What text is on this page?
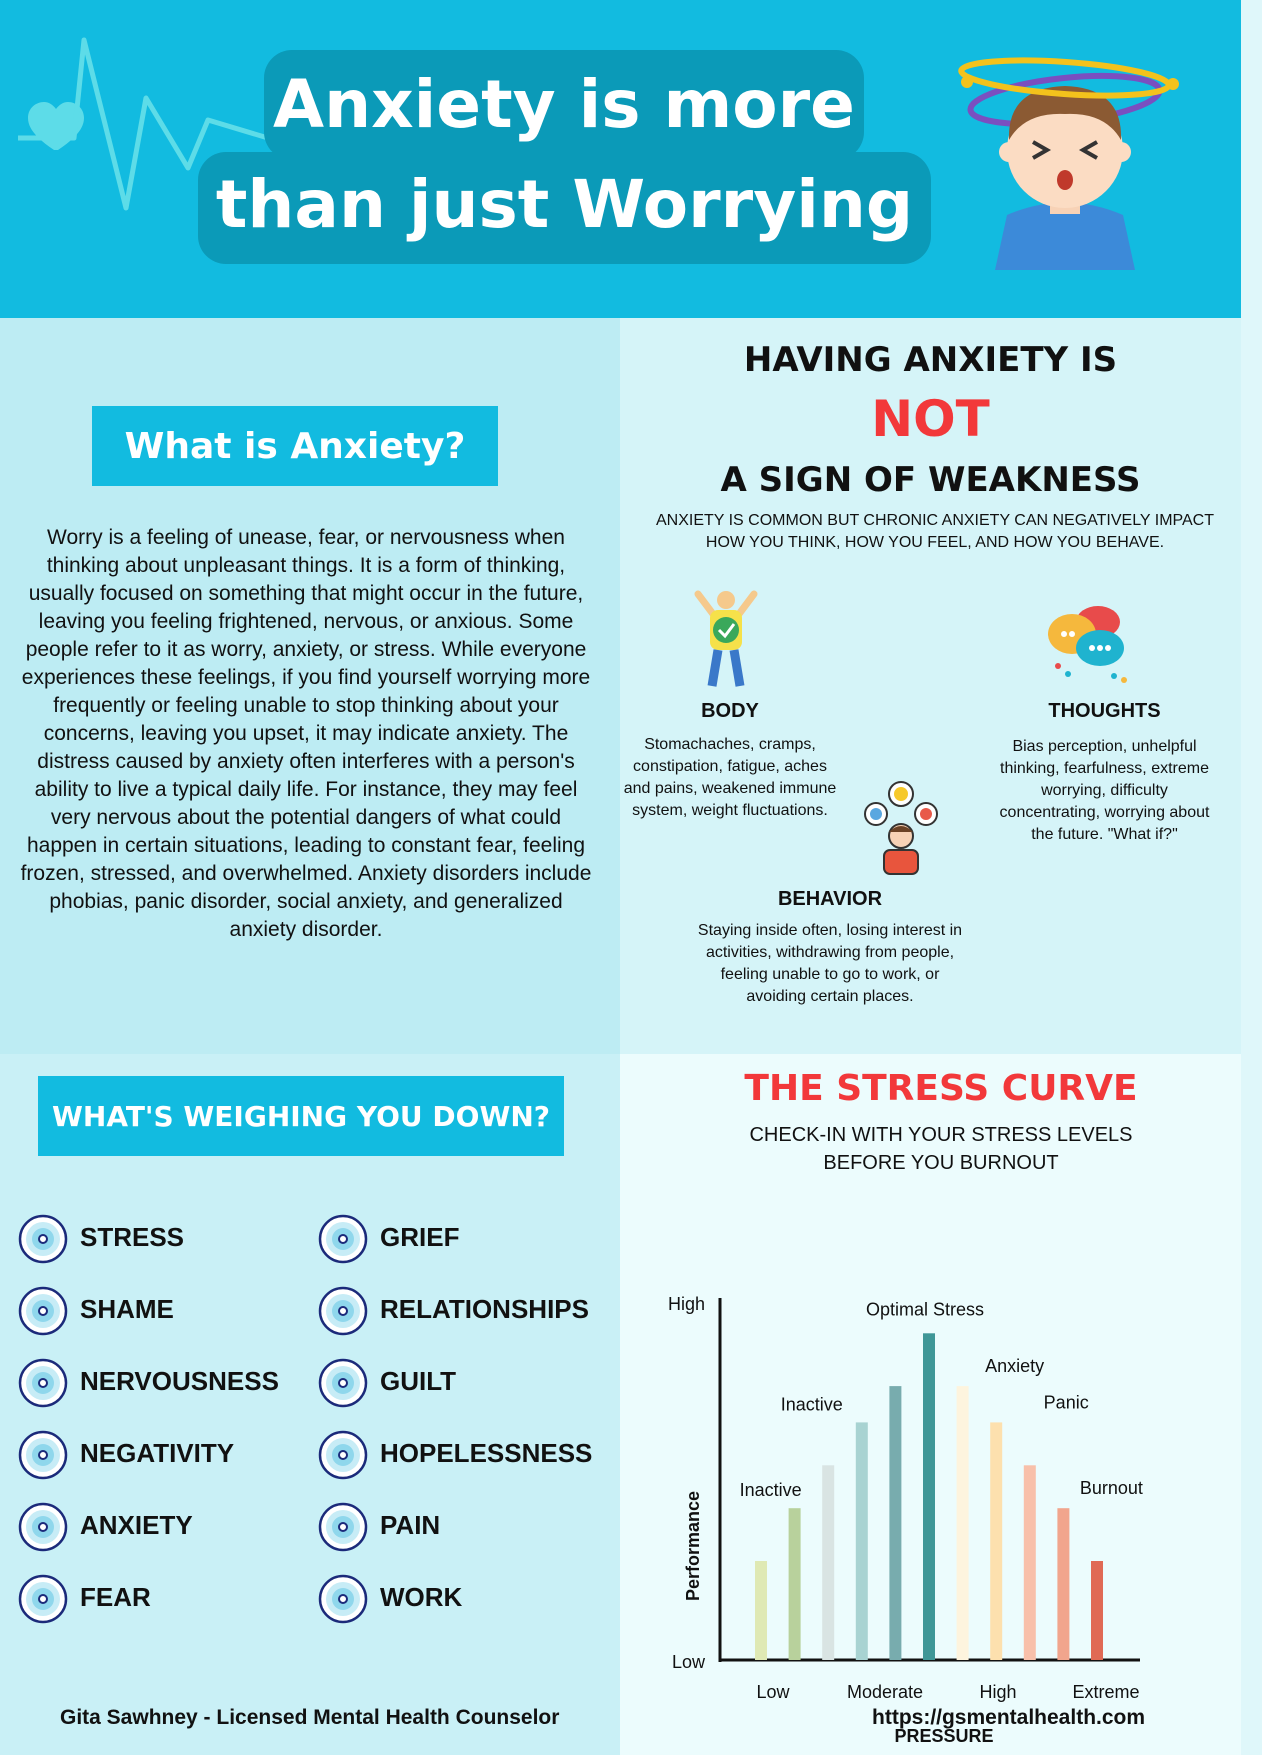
Anxiety is more
than just Worrying
What is Anxiety?
Worry is a feeling of unease, fear, or nervousness when thinking about unpleasant things. It is a form of thinking, usually focused on something that might occur in the future, leaving you feeling frightened, nervous, or anxious. Some people refer to it as worry, anxiety, or stress. While everyone experiences these feelings, if you find yourself worrying more frequently or feeling unable to stop thinking about your concerns, leaving you upset, it may indicate anxiety. The distress caused by anxiety often interferes with a person's ability to live a typical daily life. For instance, they may feel very nervous about the potential dangers of what could happen in certain situations, leading to constant fear, feeling frozen, stressed, and overwhelmed. Anxiety disorders include phobias, panic disorder, social anxiety, and generalized anxiety disorder.
HAVING ANXIETY IS
NOT
A SIGN OF WEAKNESS
ANXIETY IS COMMON BUT CHRONIC ANXIETY CAN NEGATIVELY IMPACT HOW YOU THINK, HOW YOU FEEL, AND HOW YOU BEHAVE.
BODY
Stomachaches, cramps, constipation, fatigue, aches and pains, weakened immune system, weight fluctuations.
THOUGHTS
Bias perception, unhelpful thinking, fearfulness, extreme worrying, difficulty concentrating, worrying about the future. "What if?"
BEHAVIOR
Staying inside often, losing interest in activities, withdrawing from people, feeling unable to go to work, or avoiding certain places.
WHAT'S WEIGHING YOU DOWN?
STRESS
SHAME
NERVOUSNESS
NEGATIVITY
ANXIETY
FEAR
GRIEF
RELATIONSHIPS
GUILT
HOPELESSNESS
PAIN
WORK
THE STRESS CURVE
CHECK-IN WITH YOUR STRESS LEVELS
BEFORE YOU BURNOUT
High
Low
Performance
Low	Moderate	High	Extreme
PRESSURE
Inactive
Inactive
Optimal Stress
Anxiety
Panic
Burnout
Gita Sawhney - Licensed Mental Health Counselor	https://gsmentalhealth.com
